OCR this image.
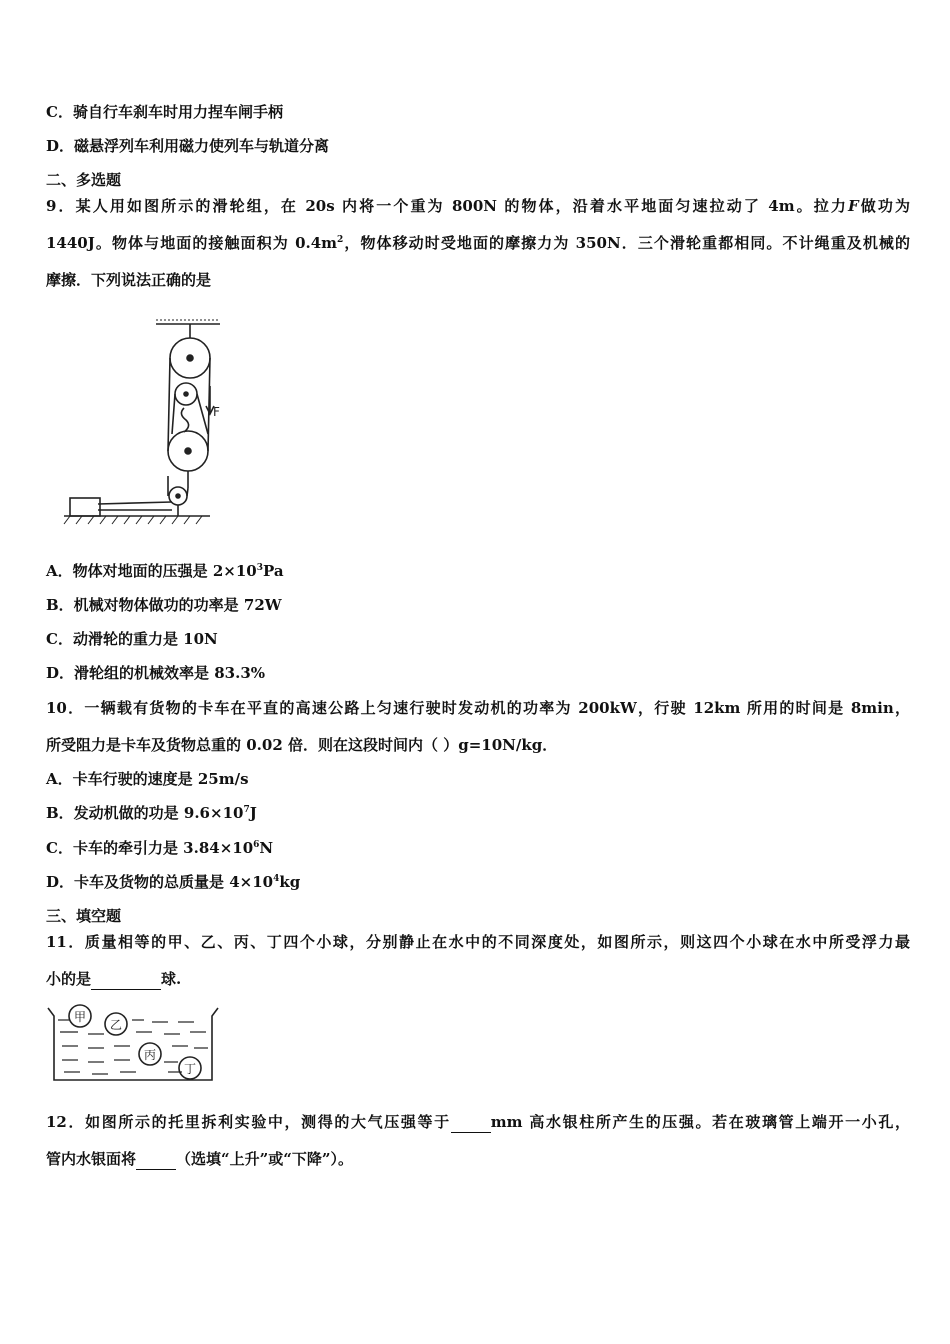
C．骑自行车刹车时用力捏车闸手柄
D．磁悬浮列车利用磁力使列车与轨道分离
二、多选题
9．某人用如图所示的滑轮组，在 20s 内将一个重为 800N 的物体，沿着水平地面匀速拉动了 4m。拉力F做功为
1440J。物体与地面的接触面积为 $0.4m^2$，物体移动时受地面的摩擦力为 350N．三个滑轮重都相同。不计绳重及机械的
摩擦．下列说法正确的是
F
A．物体对地面的压强是 $2\times 10^3Pa$
B．机械对物体做功的功率是 72W
C．动滑轮的重力是 10N
D．滑轮组的机械效率是 83.3%
10．一辆载有货物的卡车在平直的高速公路上匀速行驶时发动机的功率为 200kW，行驶 12km 所用的时间是 8min，
所受阻力是卡车及货物总重的 0.02 倍．则在这段时间内（ ）g=10N/kg．
A．卡车行驶的速度是 25m/s
B．发动机做的功是 $9.6\times 10^7J$
C．卡车的牵引力是 $3.84\times 10^6N$
D．卡车及货物的总质量是 $4\times 10^4kg$
三、填空题
11．质量相等的甲、乙、丙、丁四个小球，分别静止在水中的不同深度处，如图所示，则这四个小球在水中所受浮力最
小的是	球.
甲
乙
丙
丁
12．如图所示的托里拆利实验中，测得的大气压强等于	mm 高水银柱所产生的压强。若在玻璃管上端开一小孔，
管内水银面将	（选填“上升”或“下降”）。
